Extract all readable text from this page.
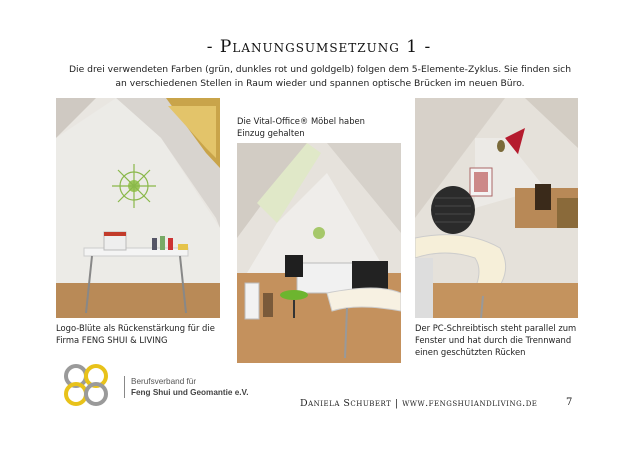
- Planungsumsetzung 1 -
Die drei verwendeten Farben (grün, dunkles rot und goldgelb) folgen dem 5-Elemente-Zyklus. Sie finden sich
an verschiedenen Stellen in Raum wieder und spannen optische Brücken im neuen Büro.
Logo-Blüte als Rückenstärkung für die
Firma FENG SHUI & LIVING
Die Vital-Office® Möbel haben
Einzug gehalten
Der PC-Schreibtisch steht parallel zum
Fenster und hat durch die Trennwand
einen geschützten Rücken
Berufsverband für
Feng Shui und Geomantie e.V.
Daniela Schubert | www.fengshuiandliving.de	7
